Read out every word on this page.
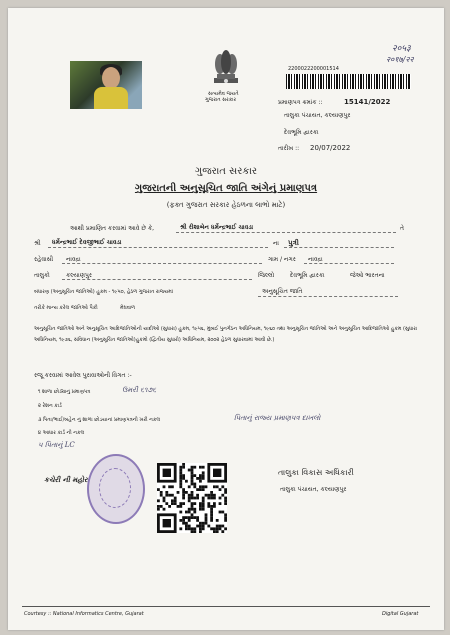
२०५३
२०१७/२२
સત્યમેવ જયતે
ગુજરાત સરકાર
2200022200001514
પ્રમાણપત્ર ક્રમાંક ::	15141/2022
તાલુકા પંચાયત, કલ્યાણપુર
દેવભૂમિ દ્વારકા
તારીખ :: 20/07/2022
ગુજરાત સરકાર
ગુજરાતની અનુસૂચિત જાતિ અંગેનું પ્રમાણપત્ર
(ફક્ત ગુજરાત સરકાર હેઠળના લાભો માટે)
આથી પ્રમાણિત કરવામાં આવે છે કે,	શ્રી રીશાબેન ધર્મેન્દ્રભાઈ ચાવડા	તે
શ્રી ધર્મેન્દ્રભાઈ દેવજીભાઈ ચાવડા	ના પુત્રી
રહેવાસી નાવદ્રા	ગામ / નગર નાવદ્રા
તાલુકો	કલ્યાણપુર	જિલ્લો	દેવભૂમિ દ્વારકા	જેઓ ભારતના
બંધારણ (અનુસૂચિત જાતિઓ) હુકમ - ૧૯૫૦, હેઠળ ગુજરાત રાજ્યમાં	અનુસૂચિત જાતિ
તરીકે માન્ય કરેલ જાતિઓ પૈકી	મેઘવાળ
અનુસૂચિત જાતિઓ અને અનુસૂચિત આદિજાતિઓની યાદીઓ (સુધારા) હુકમ, ૧૯૫૬, મુંબઈ પુનર્ગઠન અધિનિયમ, ૧૯૬૦ તથા અનુસૂચિત જાતિઓ અને અનુસૂચિત આદિજાતિઓ હુકમ (સુધારા અધિનિયમ, ૧૯૭૬, સંવિધાન (અનુસૂચિત જાતિઓ)હુકમો (દ્વિતીય સુધારો) અધિનિયમ, ૨૦૦૨ હેઠળ સુધારવામાં આવી છે.)
રજૂ કરવામાં આવેલ પુરાવાઓની વિગત :-
૧ શાળા છોડ્યાનું પ્રમાણપત્ર	ઉમરી ૬૧૭૬
૨ રેશન કાર્ડ
૩ પિતા/ભાઈ/બહેન નું શાળા છોડયાનાં પ્રમાણપત્રની ખરી નકલ	પિતાનું રાજ્ય પ્રમાણપત્ર દાખલો
૪ આધાર કાર્ડ ની નકલ
૫ પિતાનું LC
કચેરી ની મહોર
તાલુકા વિકાસ અધિકારી
તાલુકા પંચાયત, કલ્યાણપુર
Courtesy :: National Informatics Centre, Gujarat	Digital Gujarat
